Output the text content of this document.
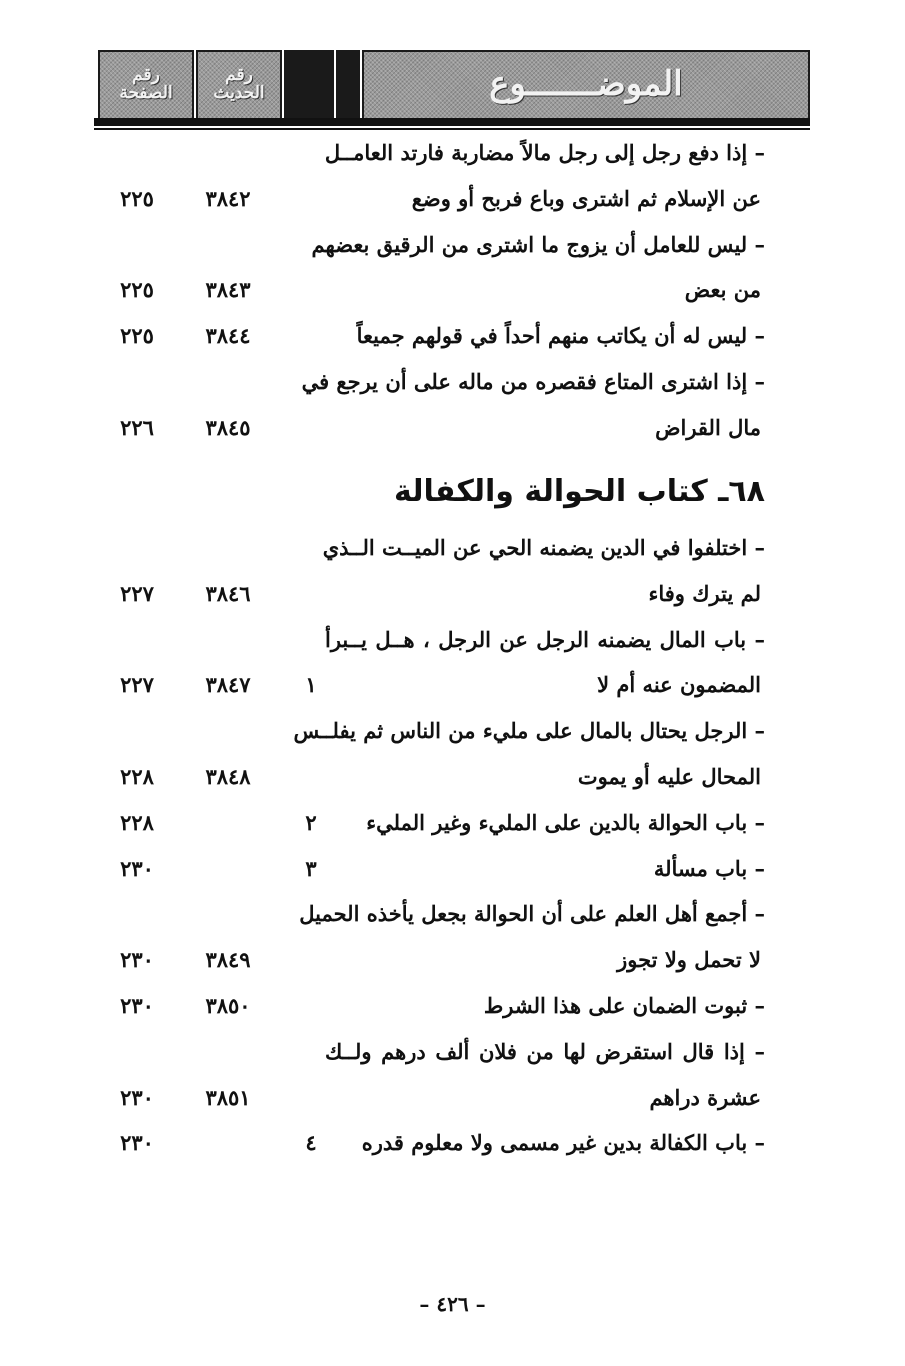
الموضـــــــوع
رقم
الحديث
رقم
الصفحة
– إذا دفع رجل إلى رجل مالاً مضاربة فارتد العامــل
عن الإسلام ثم اشترى وباع فربح أو وضع
٣٨٤٢
٢٢٥
– ليس للعامل أن يزوج ما اشترى من الرقيق بعضهم
من بعض
٣٨٤٣
٢٢٥
– ليس له أن يكاتب منهم أحداً في قولهم جميعاً
٣٨٤٤
٢٢٥
– إذا اشترى المتاع فقصره من ماله على أن يرجع في
مال القراض
٣٨٤٥
٢٢٦
٦٨ـ كتاب الحوالة والكفالة
– اختلفوا في الدين يضمنه الحي عن الميــت الــذي
لم يترك وفاء
٣٨٤٦
٢٢٧
– باب المال يضمنه الرجل عن الرجل ، هــل يــبرأ
المضمون عنه أم لا
١
٣٨٤٧
٢٢٧
– الرجل يحتال بالمال على مليء من الناس ثم يفلــس
المحال عليه أو يموت
٣٨٤٨
٢٢٨
– باب الحوالة بالدين على المليء وغير المليء
٢
٢٢٨
– باب مسألة
٣
٢٣٠
– أجمع أهل العلم على أن الحوالة بجعل يأخذه الحميل
لا تحمل ولا تجوز
٣٨٤٩
٢٣٠
– ثبوت الضمان على هذا الشرط
٣٨٥٠
٢٣٠
– إذا قال استقرض لها من فلان ألف درهم ولــك
عشرة دراهم
٣٨٥١
٢٣٠
– باب الكفالة بدين غير مسمى ولا معلوم قدره
٤
٢٣٠
– ٤٢٦ –
